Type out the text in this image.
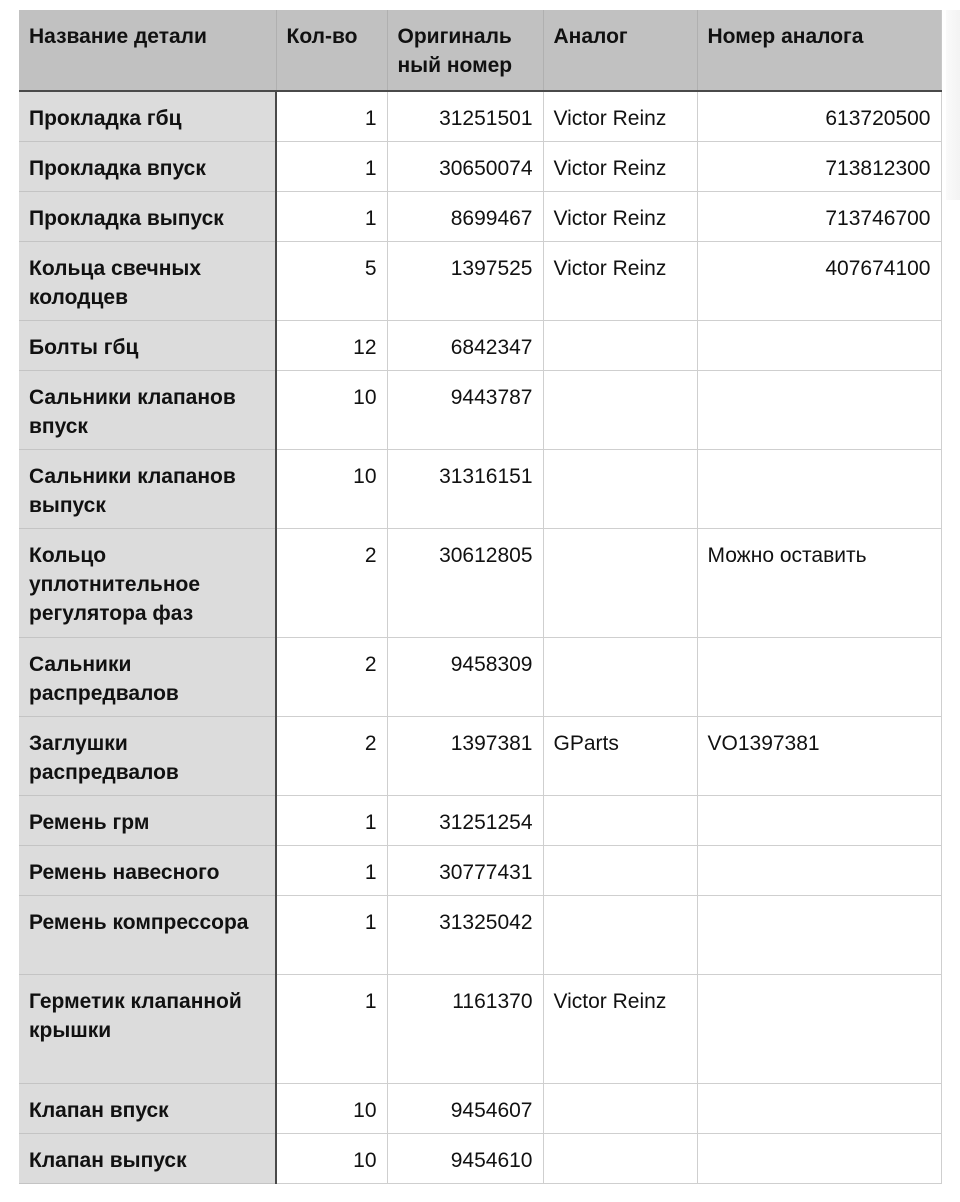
Название детали	Кол-во	Оригиналь ный номер	Аналог	Номер аналога
Прокладка гбц	1	31251501	Victor Reinz	613720500
Прокладка впуск	1	30650074	Victor Reinz	713812300
Прокладка выпуск	1	8699467	Victor Reinz	713746700
Кольца свечных колодцев	5	1397525	Victor Reinz	407674100
Болты гбц	12	6842347		
Сальники клапанов впуск	10	9443787		
Сальники клапанов выпуск	10	31316151		
Кольцо уплотнительное регулятора фаз	2	30612805		Можно оставить
Сальники распредвалов	2	9458309		
Заглушки распредвалов	2	1397381	GParts	VO1397381
Ремень грм	1	31251254		
Ремень навесного	1	30777431		
Ремень компрессора	1	31325042		
Герметик клапанной крышки	1	1161370	Victor Reinz	
Клапан впуск	10	9454607		
Клапан выпуск	10	9454610		
